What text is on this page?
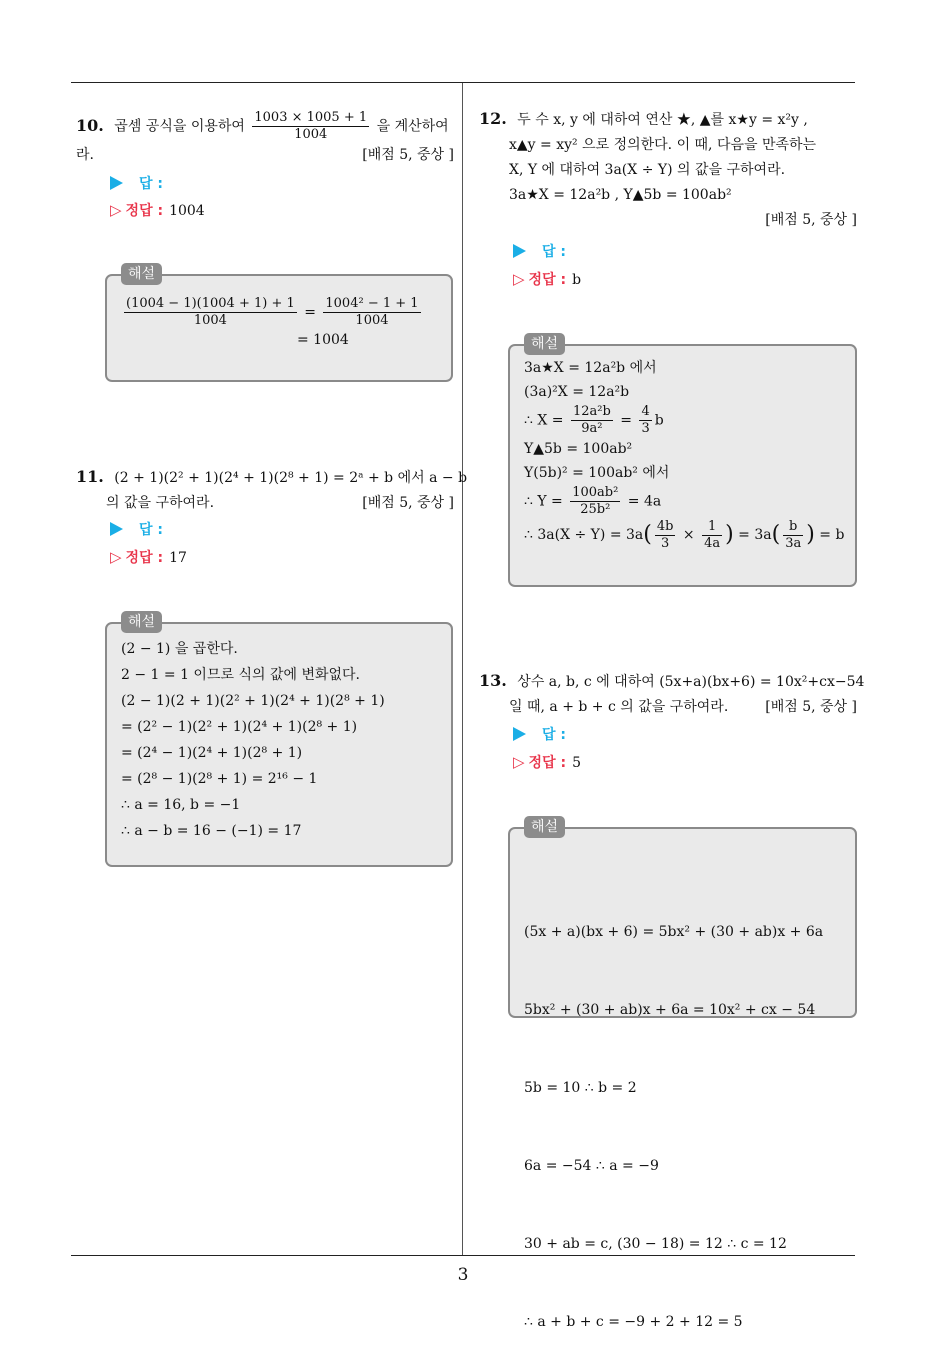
3
10. 곱셈 공식을 이용하여 $\frac{1003 \times 1005 + 1}{1004}$ 을 계산하여
라.	[배점 5, 중상 ]
답 :
▷ 정답 : 1004
해설
$\frac{(1004 - 1)(1004 + 1) + 1}{1004} = \frac{\text{1004² − 1 + 1}}{1004}$
= 1004
11. (2 + 1)(2² + 1)(2⁴ + 1)(2⁸ + 1) = 2ᵃ + b 에서 a − b
의 값을 구하여라.	[배점 5, 중상 ]
답 :
▷ 정답 : 17
해설
(2 − 1) 을 곱한다.
2 − 1 = 1 이므로 식의 값에 변화없다.
(2 − 1)(2 + 1)(2² + 1)(2⁴ + 1)(2⁸ + 1)
= (2² − 1)(2² + 1)(2⁴ + 1)(2⁸ + 1)
= (2⁴ − 1)(2⁴ + 1)(2⁸ + 1)
= (2⁸ − 1)(2⁸ + 1) = 2¹⁶ − 1
∴ a = 16, b = −1
∴ a − b = 16 − (−1) = 17
12. 두 수 x, y 에 대하여 연산 ★, ▲를 x★y = x²y ,
x▲y = xy² 으로 정의한다. 이 때, 다음을 만족하는
X, Y 에 대하여 3a(X ÷ Y) 의 값을 구하여라.
3a★X = 12a²b , Y▲5b = 100ab²
[배점 5, 중상 ]
답 :
▷ 정답 : b
해설
3a★X = 12a²b 에서
(3a)²X = 12a²b
∴ $X = \frac{\text{12a²b}}{\text{9a²}} = \frac{4}{3}$ b
Y▲5b = 100ab²
Y(5b)² = 100ab² 에서
∴ $Y = \frac{\text{100ab²}}{\text{25b²}} = 4a$
∴ $3a(X \div Y) = 3a( \frac{4b}{3} \times \frac{1}{4a}$ ) = $3a( \frac{b}{3a}$ ) = b
13. 상수 a, b, c 에 대하여 (5x+a)(bx+6) = 10x²+cx−54
일 때, a + b + c 의 값을 구하여라.	[배점 5, 중상 ]
답 :
▷ 정답 : 5

해설

(5x + a)(bx + 6) = 5bx² + (30 + ab)x + 6a

5bx² + (30 + ab)x + 6a = 10x² + cx − 54

5b = 10 ∴ b = 2

6a = −54 ∴ a = −9

30 + ab = c, (30 − 18) = 12 ∴ c = 12

∴ a + b + c = −9 + 2 + 12 = 5
